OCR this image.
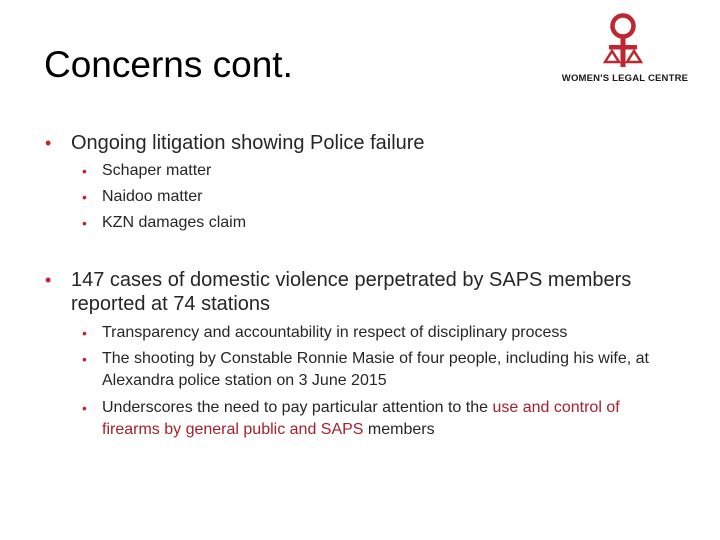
Concerns cont.	WOMEN'S LEGAL CENTRE
• Ongoing litigation showing Police failure
• Schaper matter
• Naidoo matter
• KZN damages claim
• 147 cases of domestic violence perpetrated by SAPS members reported at 74 stations
• Transparency and accountability in respect of disciplinary process
• The shooting by Constable Ronnie Masie of four people, including his wife, at Alexandra police station on 3 June 2015
• Underscores the need to pay particular attention to the use and control of firearms by general public and SAPS members
